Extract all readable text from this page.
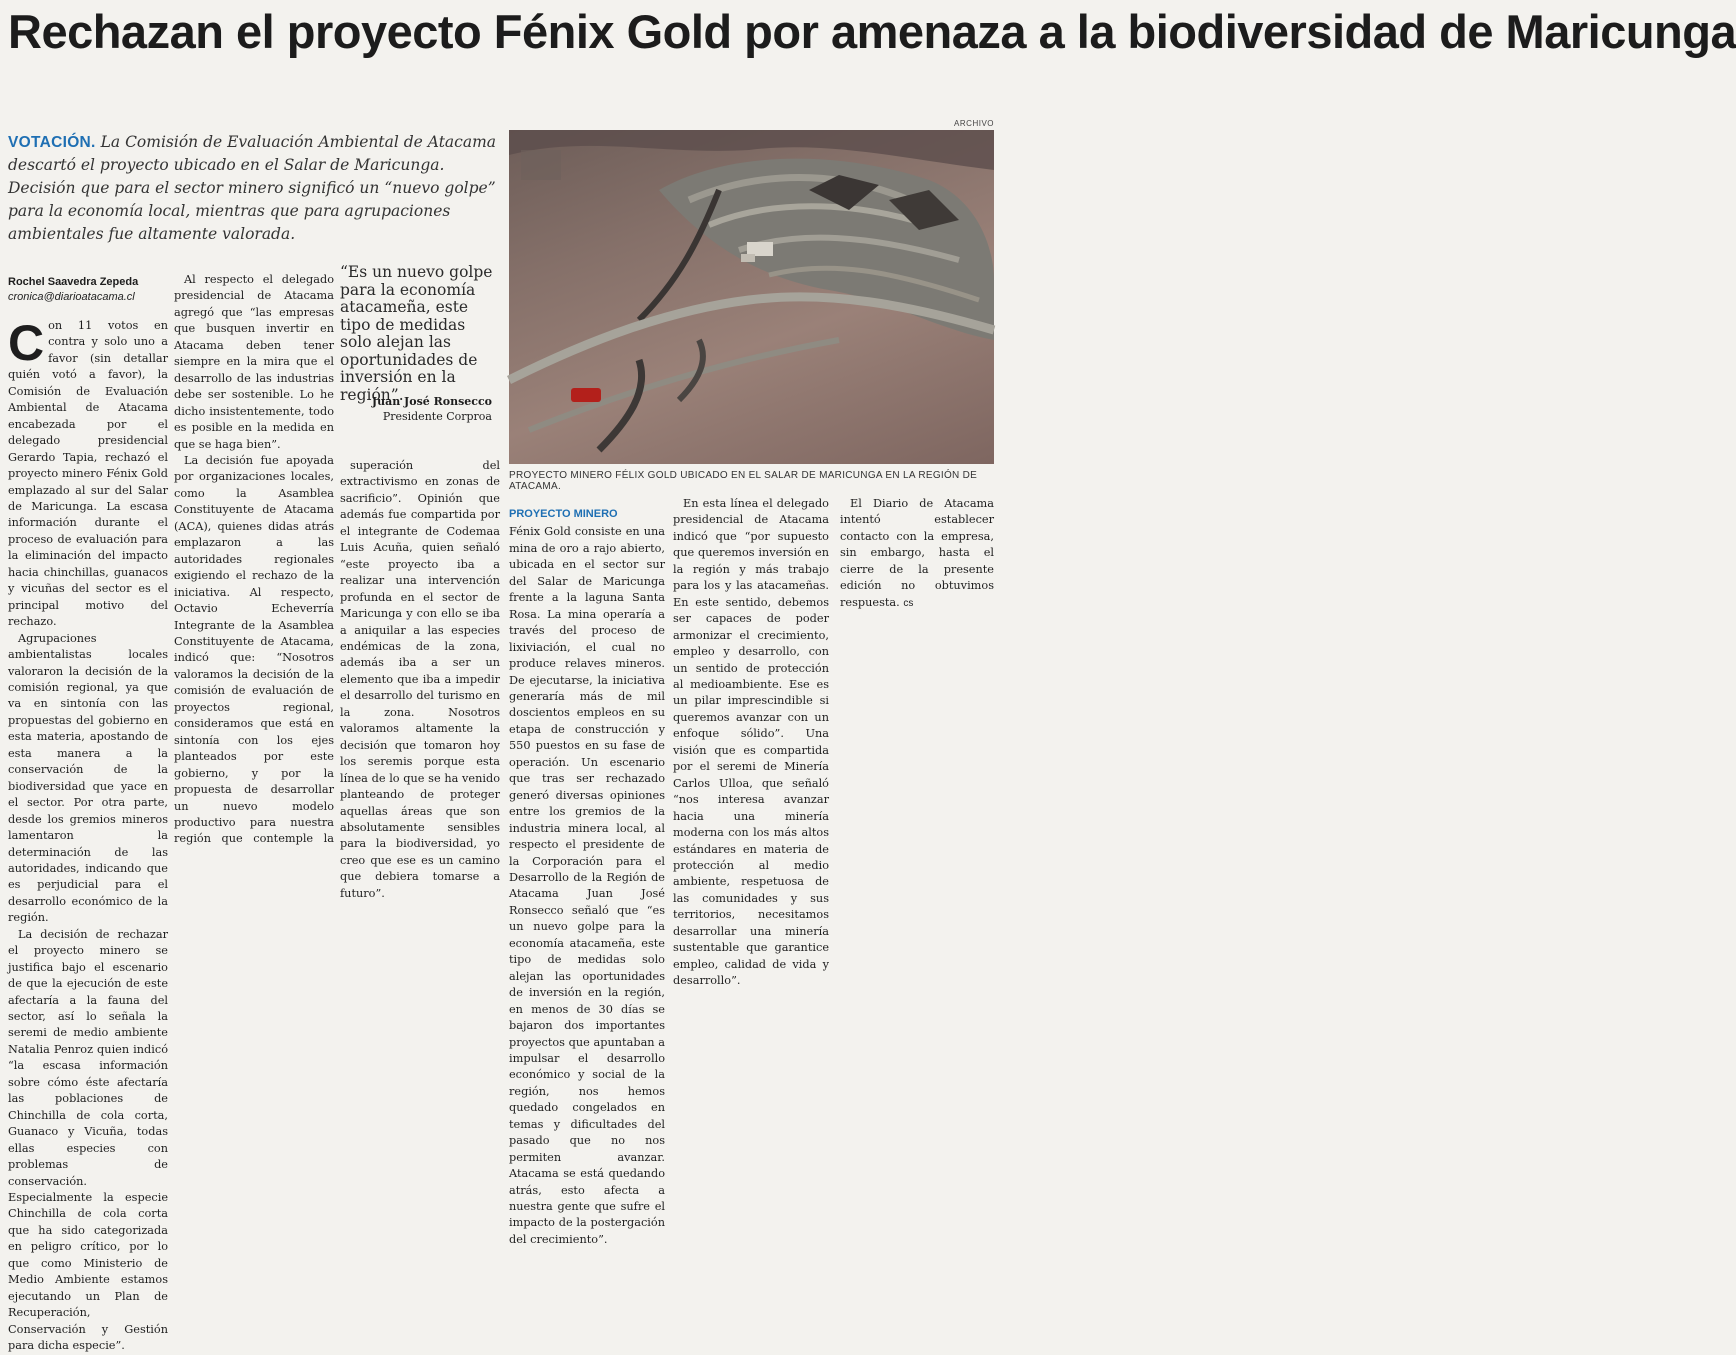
Rechazan el proyecto Fénix Gold por amenaza a la biodiversidad de Maricunga

VOTACIÓN. La Comisión de Evaluación Ambiental de Atacama descartó el proyecto ubicado en el Salar de Maricunga. Decisión que para el sector minero significó un “nuevo golpe” para la economía local, mientras que para agrupaciones ambientales fue altamente valorada.

Rochel Saavedra Zepeda
cronica@diarioatacama.cl
ARCHIVO
PROYECTO MINERO FÉLIX GOLD UBICADO EN EL SALAR DE MARICUNGA EN LA REGIÓN DE ATACAMA.

“Es un nuevo golpe para la economía atacameña, este tipo de medidas solo alejan las oportunidades de inversión en la región”.

Juan José Ronsecco
Presidente Corproa

Con 11 votos en contra y solo uno a favor (sin detallar quién votó a favor), la Comisión de Evaluación Ambiental de Atacama encabezada por el delegado presidencial Gerardo Tapia, rechazó el proyecto minero Fénix Gold emplazado al sur del Salar de Maricunga. La escasa información durante el proceso de evaluación para la eliminación del impacto hacia chinchillas, guanacos y vicuñas del sector es el principal motivo del rechazo.

Agrupaciones ambientalistas locales valoraron la decisión de la comisión regional, ya que va en sintonía con las propuestas del gobierno en esta materia, apostando de esta manera a la conservación de la biodiversidad que yace en el sector. Por otra parte, desde los gremios mineros lamentaron la determinación de las autoridades, indicando que es perjudicial para el desarrollo económico de la región.

La decisión de rechazar el proyecto minero se justifica bajo el escenario de que la ejecución de este afectaría a la fauna del sector, así lo señala la seremi de medio ambiente Natalia Penroz quien indicó “la escasa información sobre cómo éste afectaría las poblaciones de Chinchilla de cola corta, Guanaco y Vicuña, todas ellas especies con problemas de conservación. Especialmente la especie Chinchilla de cola corta que ha sido categorizada en peligro crítico, por lo que como Ministerio de Medio Ambiente estamos ejecutando un Plan de Recuperación, Conservación y Gestión para dicha especie”.

Al respecto el delegado presidencial de Atacama agregó que “las empresas que busquen invertir en Atacama deben tener siempre en la mira que el desarrollo de las industrias debe ser sostenible. Lo he dicho insistentemente, todo es posible en la medida en que se haga bien”.

La decisión fue apoyada por organizaciones locales, como la Asamblea Constituyente de Atacama (ACA), quienes didas atrás emplazaron a las autoridades regionales exigiendo el rechazo de la iniciativa. Al respecto, Octavio Echeverría Integrante de la Asamblea Constituyente de Atacama, indicó que: “Nosotros valoramos la decisión de la comisión de evaluación de proyectos regional, consideramos que está en sintonía con los ejes planteados por este gobierno, y por la propuesta de desarrollar un nuevo modelo productivo para nuestra región que contemple la

superación del extractivismo en zonas de sacrificio”. Opinión que además fue compartida por el integrante de Codemaa Luis Acuña, quien señaló “este proyecto iba a realizar una intervención profunda en el sector de Maricunga y con ello se iba a aniquilar a las especies endémicas de la zona, además iba a ser un elemento que iba a impedir el desarrollo del turismo en la zona. Nosotros valoramos altamente la decisión que tomaron hoy los seremis porque esta línea de lo que se ha venido planteando de proteger aquellas áreas que son absolutamente sensibles para la biodiversidad, yo creo que ese es un camino que debiera tomarse a futuro”.

PROYECTO MINERO

Fénix Gold consiste en una mina de oro a rajo abierto, ubicada en el sector sur del Salar de Maricunga frente a la laguna Santa Rosa. La mina operaría a través del proceso de lixiviación, el cual no produce relaves mineros. De ejecutarse, la iniciativa generaría más de mil doscientos empleos en su etapa de construcción y 550 puestos en su fase de operación. Un escenario que tras ser rechazado generó diversas opiniones entre los gremios de la industria minera local, al respecto el presidente de la Corporación para el Desarrollo de la Región de Atacama Juan José Ronsecco señaló que “es un nuevo golpe para la economía atacameña, este tipo de medidas solo alejan las oportunidades de inversión en la región, en menos de 30 días se bajaron dos importantes proyectos que apuntaban a impulsar el desarrollo económico y social de la región, nos hemos quedado congelados en temas y dificultades del pasado que no nos permiten avanzar. Atacama se está quedando atrás, esto afecta a nuestra gente que sufre el impacto de la postergación del crecimiento”.

En esta línea el delegado presidencial de Atacama indicó que “por supuesto que queremos inversión en la región y más trabajo para los y las atacameñas. En este sentido, debemos ser capaces de poder armonizar el crecimiento, empleo y desarrollo, con un sentido de protección al medioambiente. Ese es un pilar imprescindible si queremos avanzar con un enfoque sólido”. Una visión que es compartida por el seremi de Minería Carlos Ulloa, que señaló “nos interesa avanzar hacia una minería moderna con los más altos estándares en materia de protección al medio ambiente, respetuosa de las comunidades y sus territorios, necesitamos desarrollar una minería sustentable que garantice empleo, calidad de vida y desarrollo”.

El Diario de Atacama intentó establecer contacto con la empresa, sin embargo, hasta el cierre de la presente edición no obtuvimos respuesta. cs
